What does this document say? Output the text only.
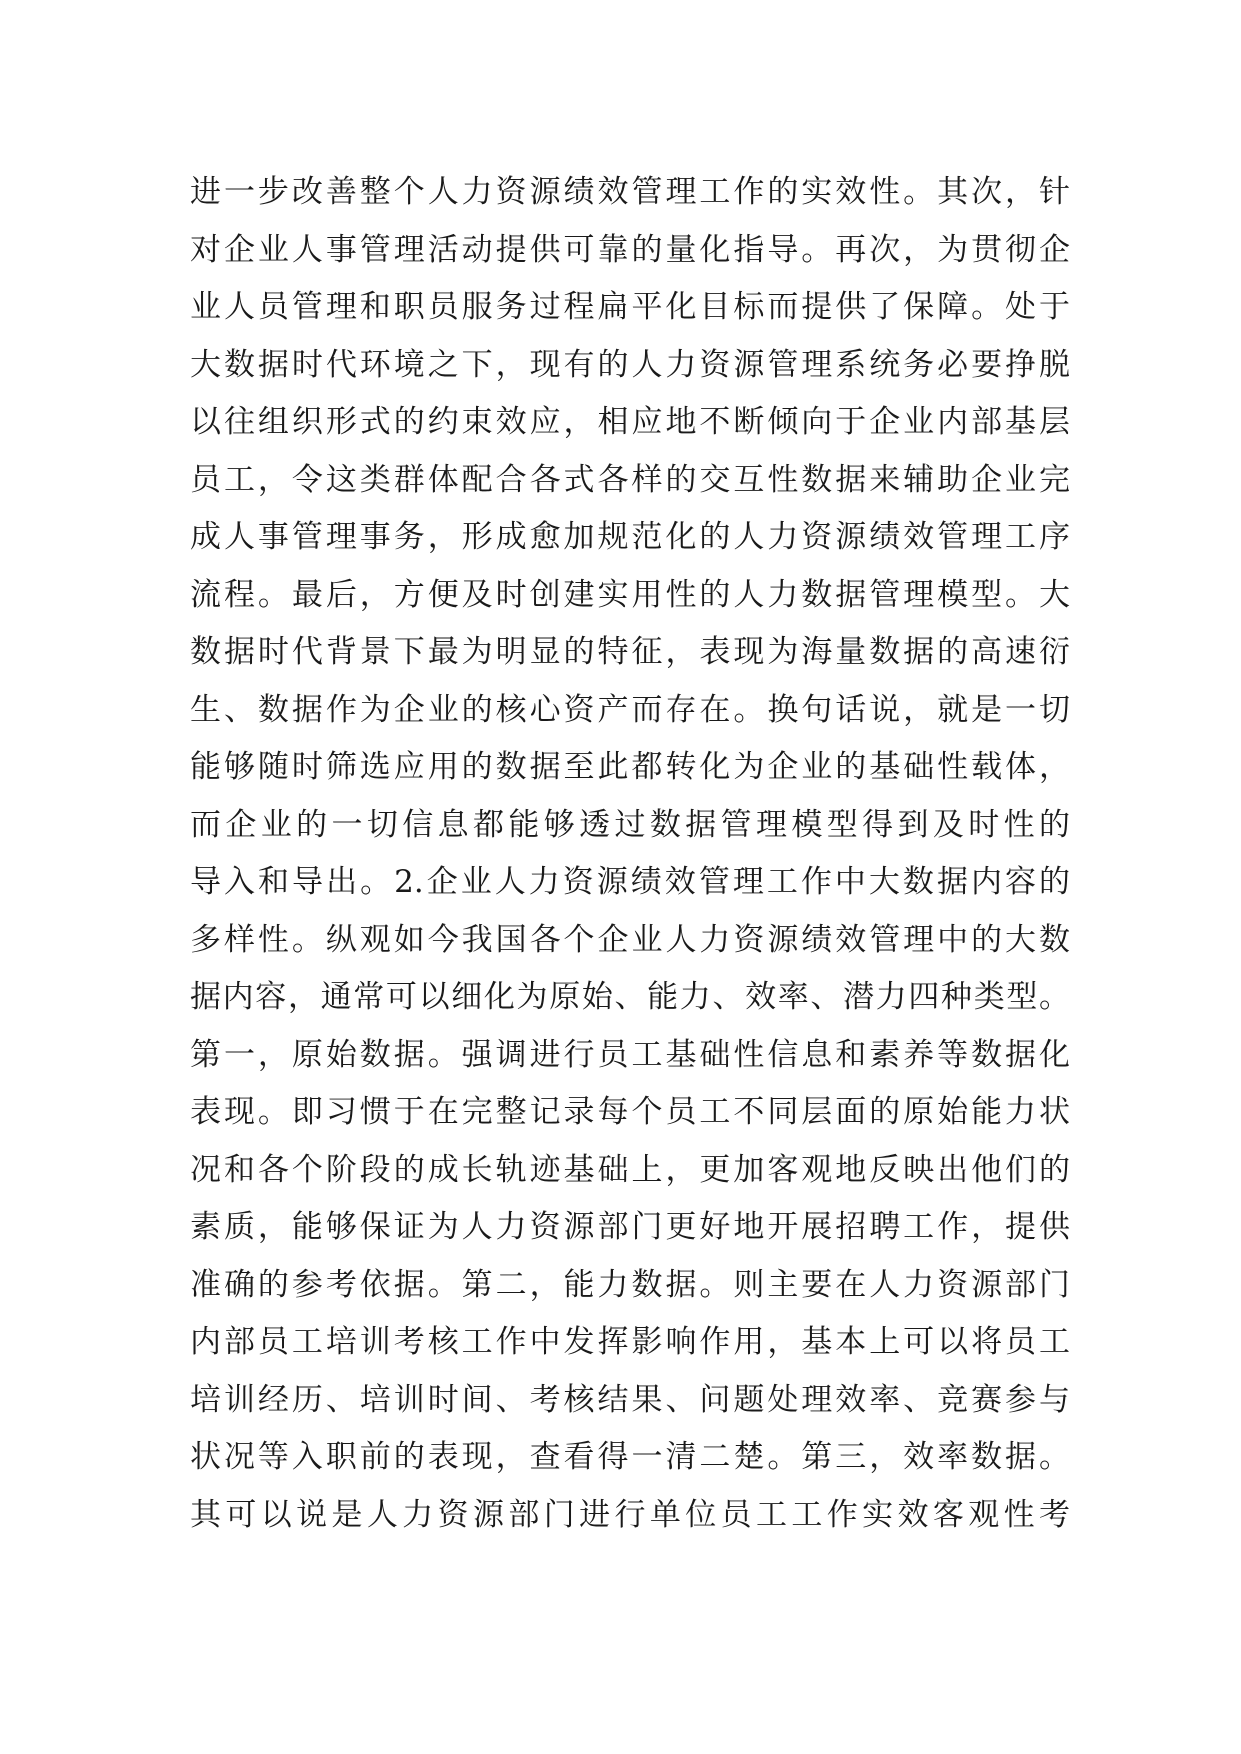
进一步改善整个人力资源绩效管理工作的实效性。其次，针
对企业人事管理活动提供可靠的量化指导。再次，为贯彻企
业人员管理和职员服务过程扁平化目标而提供了保障。处于
大数据时代环境之下，现有的人力资源管理系统务必要挣脱
以往组织形式的约束效应，相应地不断倾向于企业内部基层
员工，令这类群体配合各式各样的交互性数据来辅助企业完
成人事管理事务，形成愈加规范化的人力资源绩效管理工序
流程。最后，方便及时创建实用性的人力数据管理模型。大
数据时代背景下最为明显的特征，表现为海量数据的高速衍
生、数据作为企业的核心资产而存在。换句话说，就是一切
能够随时筛选应用的数据至此都转化为企业的基础性载体，
而企业的一切信息都能够透过数据管理模型得到及时性的
导入和导出。2.企业人力资源绩效管理工作中大数据内容的
多样性。纵观如今我国各个企业人力资源绩效管理中的大数
据内容，通常可以细化为原始、能力、效率、潜力四种类型。
第一，原始数据。强调进行员工基础性信息和素养等数据化
表现。即习惯于在完整记录每个员工不同层面的原始能力状
况和各个阶段的成长轨迹基础上，更加客观地反映出他们的
素质，能够保证为人力资源部门更好地开展招聘工作，提供
准确的参考依据。第二，能力数据。则主要在人力资源部门
内部员工培训考核工作中发挥影响作用，基本上可以将员工
培训经历、培训时间、考核结果、问题处理效率、竞赛参与
状况等入职前的表现，查看得一清二楚。第三，效率数据。
其可以说是人力资源部门进行单位员工工作实效客观性考
